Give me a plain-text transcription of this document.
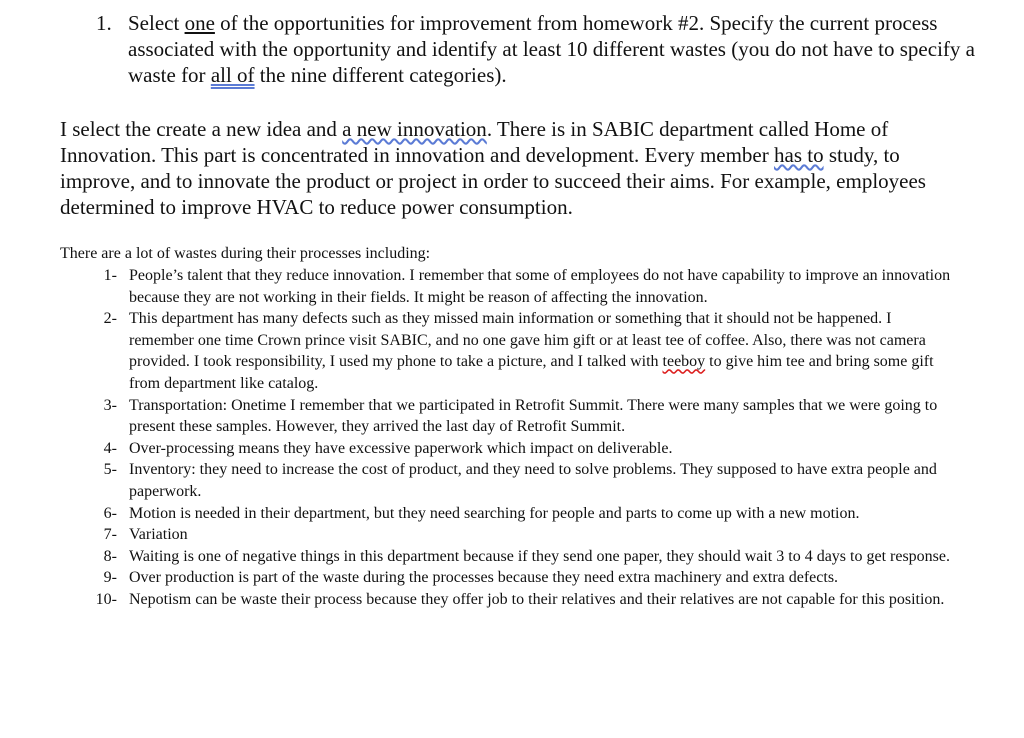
1. Select one of the opportunities for improvement from homework #2. Specify the current process associated with the opportunity and identify at least 10 different wastes (you do not have to specify a waste for all of the nine different categories).
I select the create a new idea and a new innovation. There is in SABIC department called Home of Innovation. This part is concentrated in innovation and development. Every member has to study, to improve, and to innovate the product or project in order to succeed their aims. For example, employees determined to improve HVAC to reduce power consumption.
There are a lot of wastes during their processes including:
1- People’s talent that they reduce innovation. I remember that some of employees do not have capability to improve an innovation because they are not working in their fields. It might be reason of affecting the innovation.
2- This department has many defects such as they missed main information or something that it should not be happened. I remember one time Crown prince visit SABIC, and no one gave him gift or at least tee of coffee. Also, there was not camera provided. I took responsibility, I used my phone to take a picture, and I talked with teeboy to give him tee and bring some gift from department like catalog.
3- Transportation: Onetime I remember that we participated in Retrofit Summit. There were many samples that we were going to present these samples. However, they arrived the last day of Retrofit Summit.
4- Over-processing means they have excessive paperwork which impact on deliverable.
5- Inventory: they need to increase the cost of product, and they need to solve problems. They supposed to have extra people and paperwork.
6- Motion is needed in their department, but they need searching for people and parts to come up with a new motion.
7- Variation
8- Waiting is one of negative things in this department because if they send one paper, they should wait 3 to 4 days to get response.
9- Over production is part of the waste during the processes because they need extra machinery and extra defects.
10- Nepotism can be waste their process because they offer job to their relatives and their relatives are not capable for this position.
